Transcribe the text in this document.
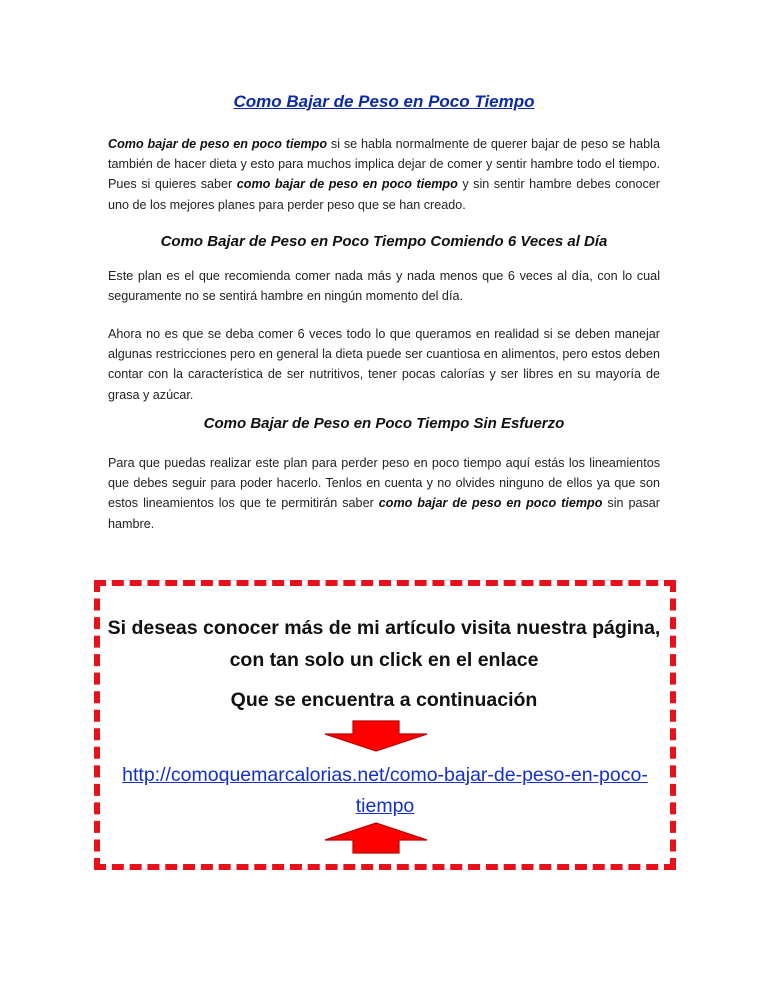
Como Bajar de Peso en Poco Tiempo

Como bajar de peso en poco tiempo si se habla normalmente de querer bajar de peso se habla también de hacer dieta y esto para muchos implica dejar de comer y sentir hambre todo el tiempo. Pues si quieres saber como bajar de peso en poco tiempo y sin sentir hambre debes conocer uno de los mejores planes para perder peso que se han creado.

Como Bajar de Peso en Poco Tiempo Comiendo 6 Veces al Día

Este plan es el que recomienda comer nada más y nada menos que 6 veces al día, con lo cual seguramente no se sentirá hambre en ningún momento del día.

Ahora no es que se deba comer 6 veces todo lo que queramos en realidad si se deben manejar algunas restricciones pero en general la dieta puede ser cuantiosa en alimentos, pero estos deben contar con la característica de ser nutritivos, tener pocas calorías y ser libres en su mayoría de grasa y azúcar.

Como Bajar de Peso en Poco Tiempo Sin Esfuerzo

Para que puedas realizar este plan para perder peso en poco tiempo aquí estás los lineamientos que debes seguir para poder hacerlo. Tenlos en cuenta y no olvides ninguno de ellos ya que son estos lineamientos los que te permitirán saber como bajar de peso en poco tiempo sin pasar hambre.

Si deseas conocer más de mi artículo visita nuestra página,

con tan solo un click en el enlace

Que se encuentra a continuación

http://comoquemarcalorias.net/como-bajar-de-peso-en-poco-tiempo
